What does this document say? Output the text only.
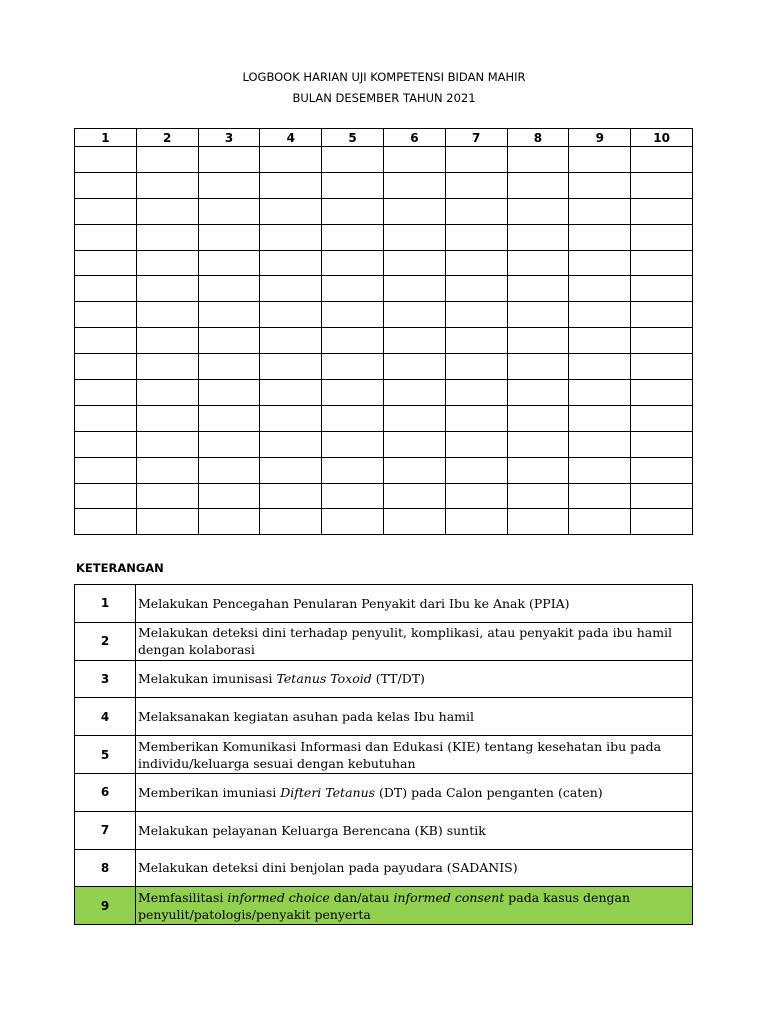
LOGBOOK HARIAN UJI KOMPETENSI BIDAN MAHIR
BULAN DESEMBER TAHUN 2021
1	2	3	4	5	6	7	8	9	10

KETERANGAN
1	Melakukan Pencegahan Penularan Penyakit dari Ibu ke Anak (PPIA)
2	Melakukan deteksi dini terhadap penyulit, komplikasi, atau penyakit pada ibu hamil dengan kolaborasi
3	Melakukan imunisasi Tetanus Toxoid (TT/DT)
4	Melaksanakan kegiatan asuhan pada kelas Ibu hamil
5	Memberikan Komunikasi Informasi dan Edukasi (KIE) tentang kesehatan ibu pada individu/keluarga sesuai dengan kebutuhan
6	Memberikan imuniasi Difteri Tetanus (DT) pada Calon penganten (caten)
7	Melakukan pelayanan Keluarga Berencana (KB) suntik
8	Melakukan deteksi dini benjolan pada payudara (SADANIS)
9	Memfasilitasi informed choice dan/atau informed consent pada kasus dengan penyulit/patologis/penyakit penyerta
